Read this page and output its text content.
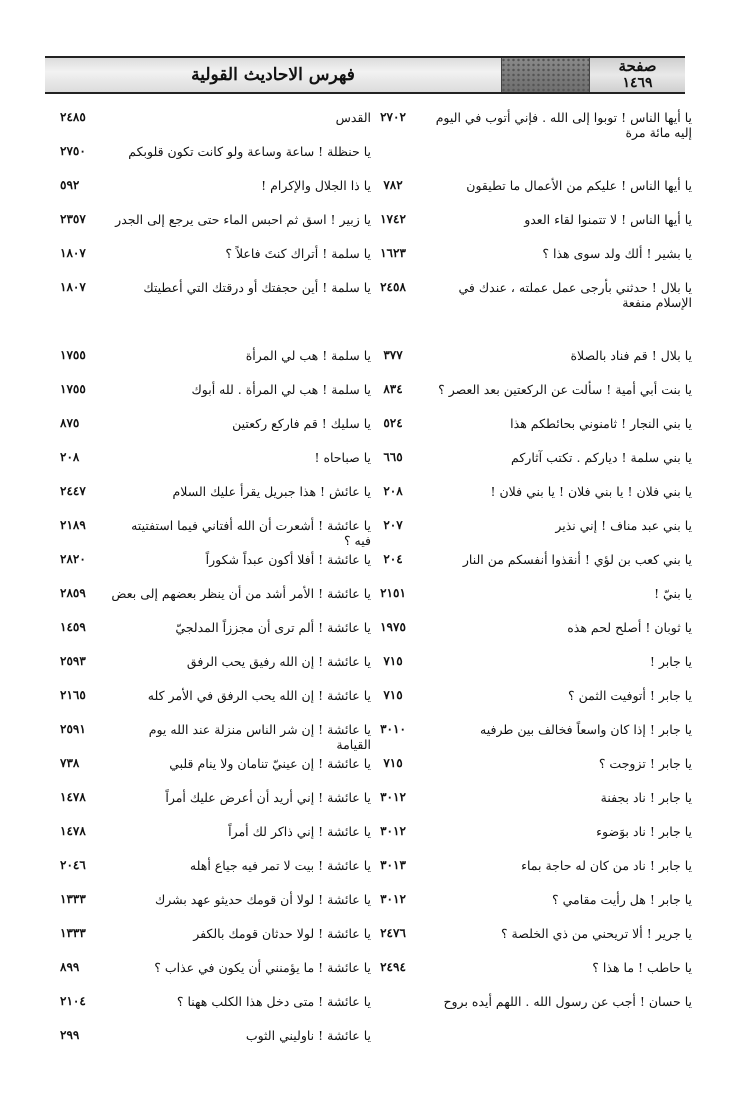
فهرس الاحاديث القولية	صفحة
١٤٦٩
يا أيها الناس ! توبوا إلى الله . فإني أتوب في اليوم إليه مائة مرة
٢٧٠٢
يا أيها الناس ! عليكم من الأعمال ما تطيقون
٧٨٢
يا أيها الناس ! لا تتمنوا لقاء العدو
١٧٤٢
يا بشير ! ألك ولد سوى هذا ؟
١٦٢٣
يا بلال ! حدثني بأرجى عمل عملته ، عندك في الإسلام منفعة
٢٤٥٨
يا بلال ! قم فناد بالصلاة
٣٧٧
يا بنت أبي أمية ! سألت عن الركعتين بعد العصر ؟
٨٣٤
يا بني النجار ! ثامنوني بحائطكم هذا
٥٢٤
يا بني سلمة ! دياركم . تكتب آثاركم
٦٦٥
يا بني فلان ! يا بني فلان ! يا بني فلان !
٢٠٨
يا بني عبد مناف ! إني نذير
٢٠٧
يا بني كعب بن لؤي ! أنقذوا أنفسكم من النار
٢٠٤
يا بنيّ !
٢١٥١
يا ثوبان ! أصلح لحم هذه
١٩٧٥
يا جابر !
٧١٥
يا جابر ! أتوفيت الثمن ؟
٧١٥
يا جابر ! إذا كان واسعاً فخالف بين طرفيه
٣٠١٠
يا جابر ! تزوجت ؟
٧١٥
يا جابر ! ناد بجفنة
٣٠١٢
يا جابر ! ناد بوَضوء
٣٠١٢
يا جابر ! ناد من كان له حاجة بماء
٣٠١٣
يا جابر ! هل رأيت مقامي ؟
٣٠١٢
يا جرير ! ألا تريحني من ذي الخلصة ؟
٢٤٧٦
يا حاطب ! ما هذا ؟
٢٤٩٤
يا حسان ! أجب عن رسول الله . اللهم أيده بروح
القدس
٢٤٨٥
يا حنظلة ! ساعة وساعة ولو كانت تكون قلوبكم
٢٧٥٠
يا ذا الجلال والإكرام !
٥٩٢
يا زبير ! اسق ثم احبس الماء حتى يرجع إلى الجدر
٢٣٥٧
يا سلمة ! أتراك كنتَ فاعلاً ؟
١٨٠٧
يا سلمة ! أين حجفتك أو درقتك التي أعطيتك
١٨٠٧
يا سلمة ! هب لي المرأة
١٧٥٥
يا سلمة ! هب لي المرأة . لله أبوك
١٧٥٥
يا سليك ! قم فاركع ركعتين
٨٧٥
يا صباحاه !
٢٠٨
يا عائش ! هذا جبريل يقرأ عليك السلام
٢٤٤٧
يا عائشة ! أشعرت أن الله أفتاني فيما استفتيته فيه ؟
٢١٨٩
يا عائشة ! أفلا أكون عبداً شكوراً
٢٨٢٠
يا عائشة ! الأمر أشد من أن ينظر بعضهم إلى بعض
٢٨٥٩
يا عائشة ! ألم ترى أن مجززاً المدلجيّ
١٤٥٩
يا عائشة ! إن الله رفيق يحب الرفق
٢٥٩٣
يا عائشة ! إن الله يحب الرفق في الأمر كله
٢١٦٥
يا عائشة ! إن شر الناس منزلة عند الله يوم القيامة
٢٥٩١
يا عائشة ! إن عينيّ تنامان ولا ينام قلبي
٧٣٨
يا عائشة ! إني أريد أن أعرض عليك أمراً
١٤٧٨
يا عائشة ! إني ذاكر لك أمراً
١٤٧٨
يا عائشة ! بيت لا تمر فيه جياع أهله
٢٠٤٦
يا عائشة ! لولا أن قومك حديثو عهد بشرك
١٣٣٣
يا عائشة ! لولا حدثان قومك بالكفر
١٣٣٣
يا عائشة ! ما يؤمنني أن يكون في عذاب ؟
٨٩٩
يا عائشة ! متى دخل هذا الكلب ههنا ؟
٢١٠٤
يا عائشة ! ناوليني الثوب
٢٩٩
